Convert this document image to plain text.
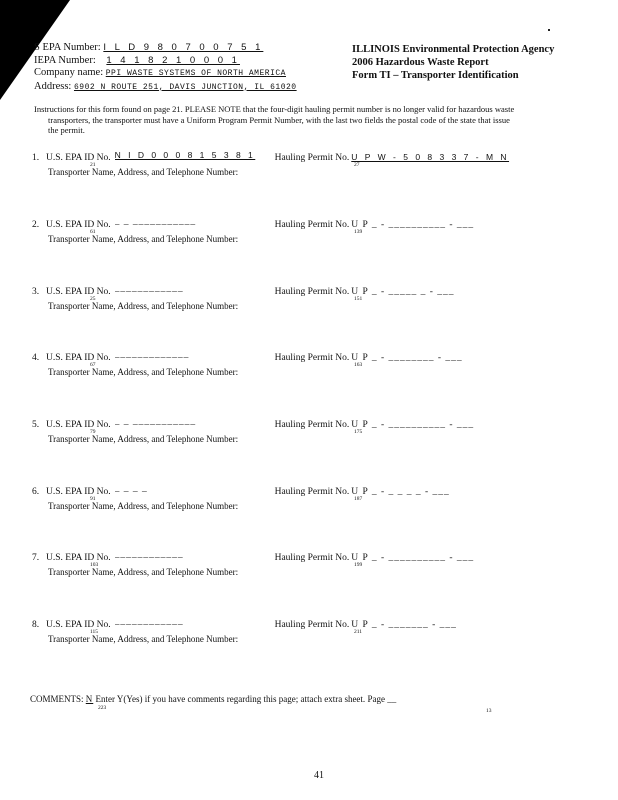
S EPA Number: I L D 9 8 0 7 0 0 7 5 1
IEPA Number: 1 4 1 8 2 1 0 0 0 1
Company name: PPI WASTE SYSTEMS OF NORTH AMERICA
Address: 6902 N ROUTE 251, DAVIS JUNCTION, IL 61020
ILLINOIS Environmental Protection Agency
2006 Hazardous Waste Report
Form TI – Transporter Identification
Instructions for this form found on page 21. PLEASE NOTE that the four-digit hauling permit number is no longer valid for hazardous waste
transporters, the transporter must have a Uniform Program Permit Number, with the last two fields the postal code of the state that issue
the permit.
1. U.S. EPA ID No. N I D 0 0 0 8 1 5 3 8 1 Hauling Permit No. U P W - 5 0 8 3 3 7 - M N
21	27
Transporter Name, Address, and Telephone Number:
2. U.S. EPA ID No. _ _ ___________	Hauling Permit No. U P _ - __________ - ___
61	139
Transporter Name, Address, and Telephone Number:
3. U.S. EPA ID No. ____________	Hauling Permit No. U P _ - _____ _ - ___
25	151
Transporter Name, Address, and Telephone Number:
4. U.S. EPA ID No. _____________	Hauling Permit No. U P _ - ________ - ___
67	163
Transporter Name, Address, and Telephone Number:
5. U.S. EPA ID No. _ _ ___________	Hauling Permit No. U P _ - __________ - ___
79	175
Transporter Name, Address, and Telephone Number:
6. U.S. EPA ID No. _ _ _ _	Hauling Permit No. U P _ - _ _ _ _ - ___
91	187
Transporter Name, Address, and Telephone Number:
7. U.S. EPA ID No. ____________	Hauling Permit No. U P _ - __________ - ___
103	199
Transporter Name, Address, and Telephone Number:
8. U.S. EPA ID No. ____________	Hauling Permit No. U P _ - _______ - ___
115	211
Transporter Name, Address, and Telephone Number:
COMMENTS: N Enter Y(Yes) if you have comments regarding this page; attach extra sheet. Page __
223	13
41
